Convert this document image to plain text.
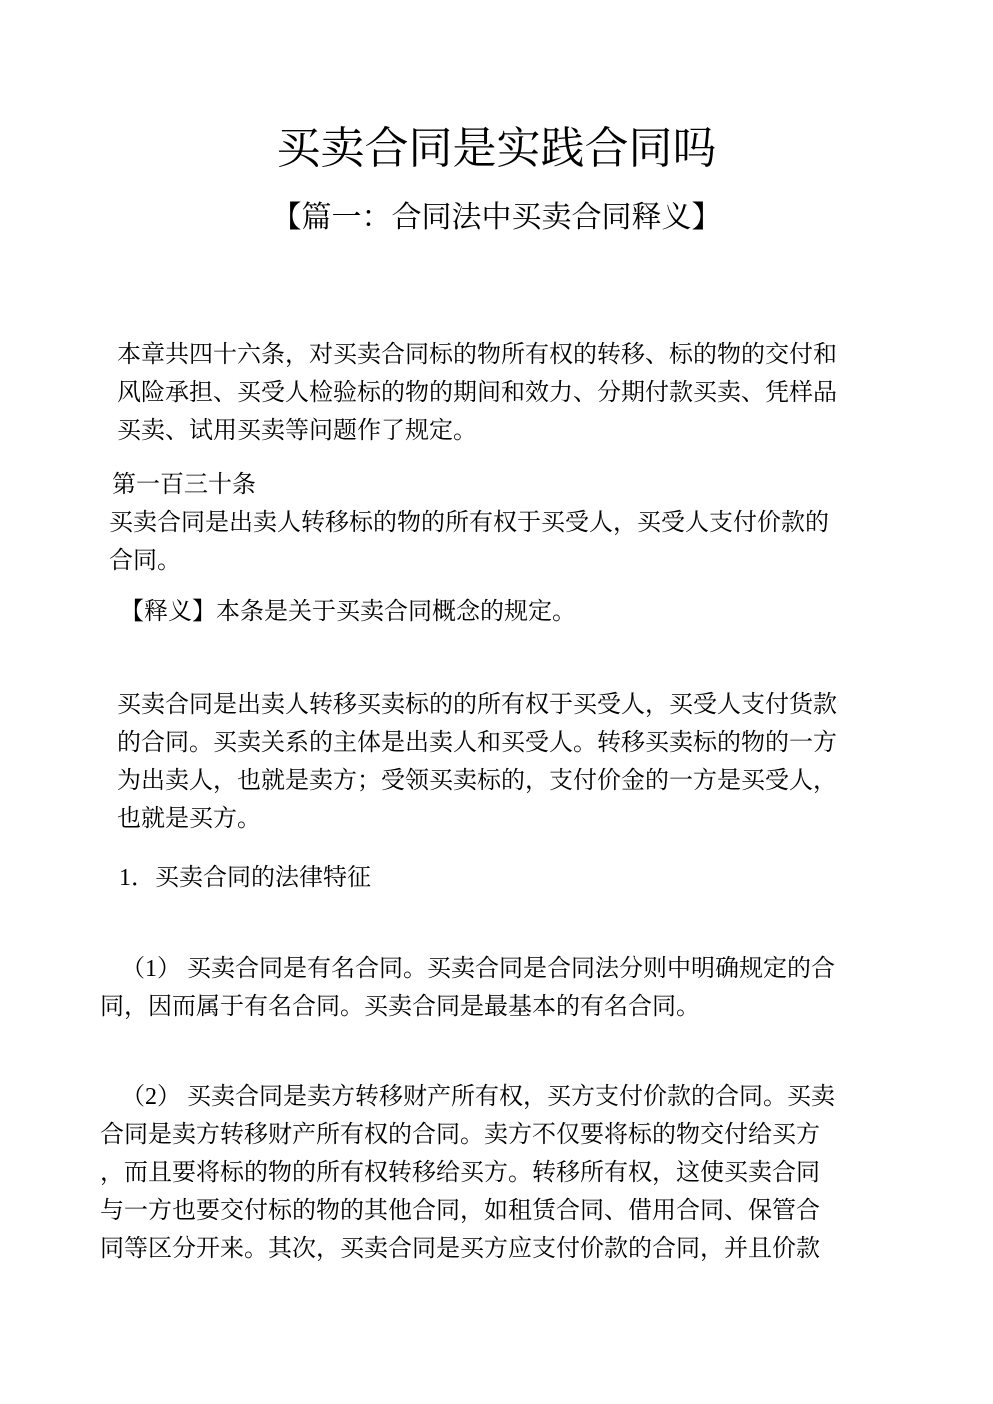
买卖合同是实践合同吗
【篇一：合同法中买卖合同释义】
本章共四十六条，对买卖合同标的物所有权的转移、标的物的交付和
风险承担、买受人检验标的物的期间和效力、分期付款买卖、凭样品
买卖、试用买卖等问题作了规定。
第一百三十条
买卖合同是出卖人转移标的物的所有权于买受人，买受人支付价款的
合同。
【释义】本条是关于买卖合同概念的规定。
买卖合同是出卖人转移买卖标的的所有权于买受人，买受人支付货款
的合同。买卖关系的主体是出卖人和买受人。转移买卖标的物的一方
为出卖人，也就是卖方；受领买卖标的，支付价金的一方是买受人，
也就是买方。
1．买卖合同的法律特征
（1） 买卖合同是有名合同。买卖合同是合同法分则中明确规定的合
同，因而属于有名合同。买卖合同是最基本的有名合同。
（2） 买卖合同是卖方转移财产所有权，买方支付价款的合同。买卖
合同是卖方转移财产所有权的合同。卖方不仅要将标的物交付给买方
，而且要将标的物的所有权转移给买方。转移所有权，这使买卖合同
与一方也要交付标的物的其他合同，如租赁合同、借用合同、保管合
同等区分开来。其次，买卖合同是买方应支付价款的合同，并且价款
